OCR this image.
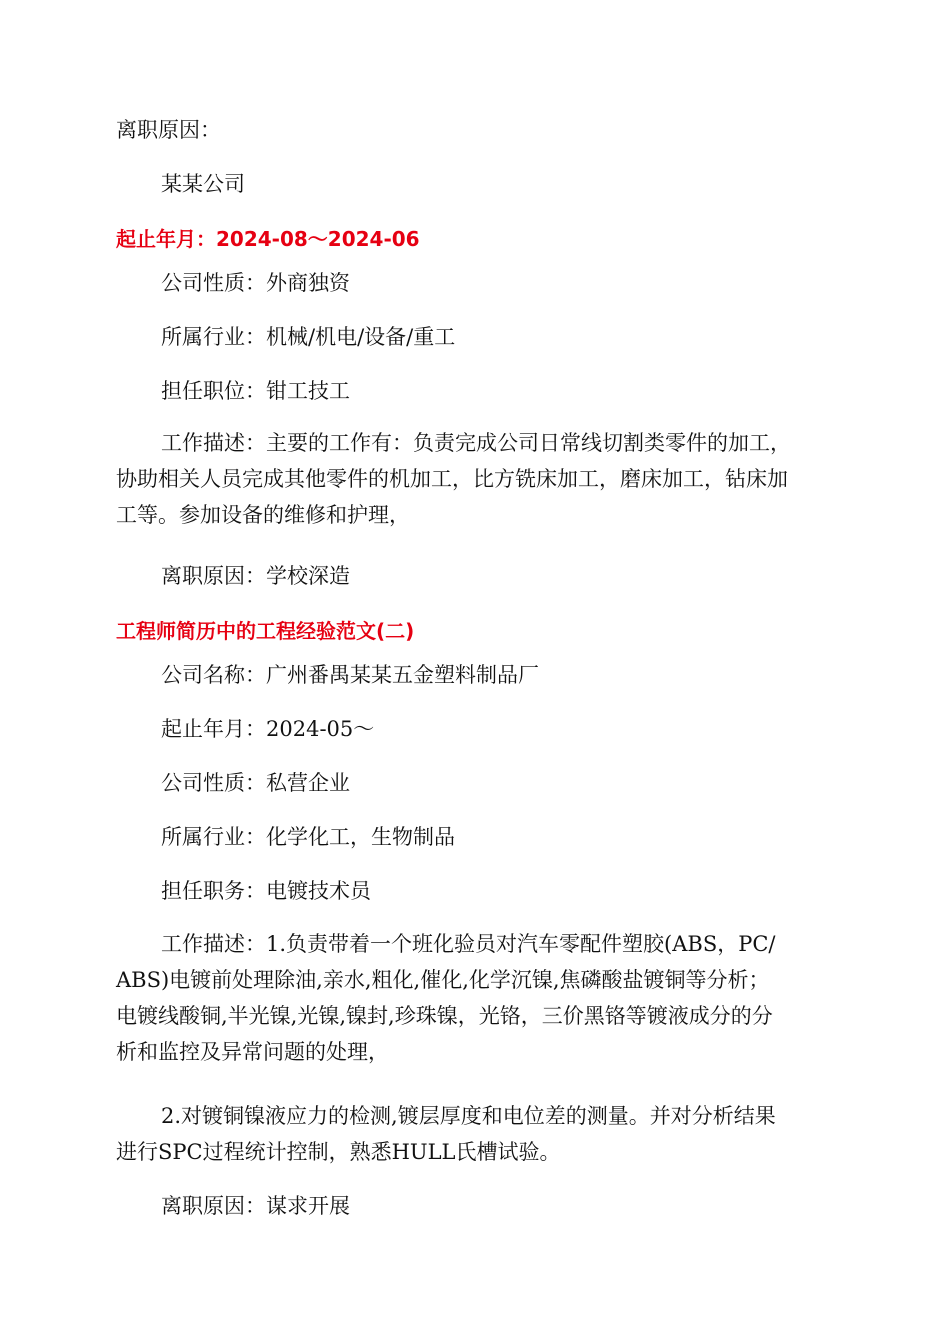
离职原因：
某某公司
起止年月：2024-08～2024-06
公司性质：外商独资
所属行业：机械/机电/设备/重工
担任职位：钳工技工
工作描述：主要的工作有：负责完成公司日常线切割类零件的加工，
协助相关人员完成其他零件的机加工，比方铣床加工，磨床加工，钻床加
工等。参加设备的维修和护理，
离职原因：学校深造
工程师简历中的工程经验范文(二)
公司名称：广州番禺某某五金塑料制品厂
起止年月：2024-05～
公司性质：私营企业
所属行业：化学化工，生物制品
担任职务：电镀技术员
工作描述：1.负责带着一个班化验员对汽车零配件塑胶(ABS，PC/
ABS)电镀前处理除油,亲水,粗化,催化,化学沉镍,焦磷酸盐镀铜等分析；
电镀线酸铜,半光镍,光镍,镍封,珍珠镍，光铬，三价黑铬等镀液成分的分
析和监控及异常问题的处理，
2.对镀铜镍液应力的检测,镀层厚度和电位差的测量。并对分析结果
进行SPC过程统计控制，熟悉HULL氏槽试验。
离职原因：谋求开展
